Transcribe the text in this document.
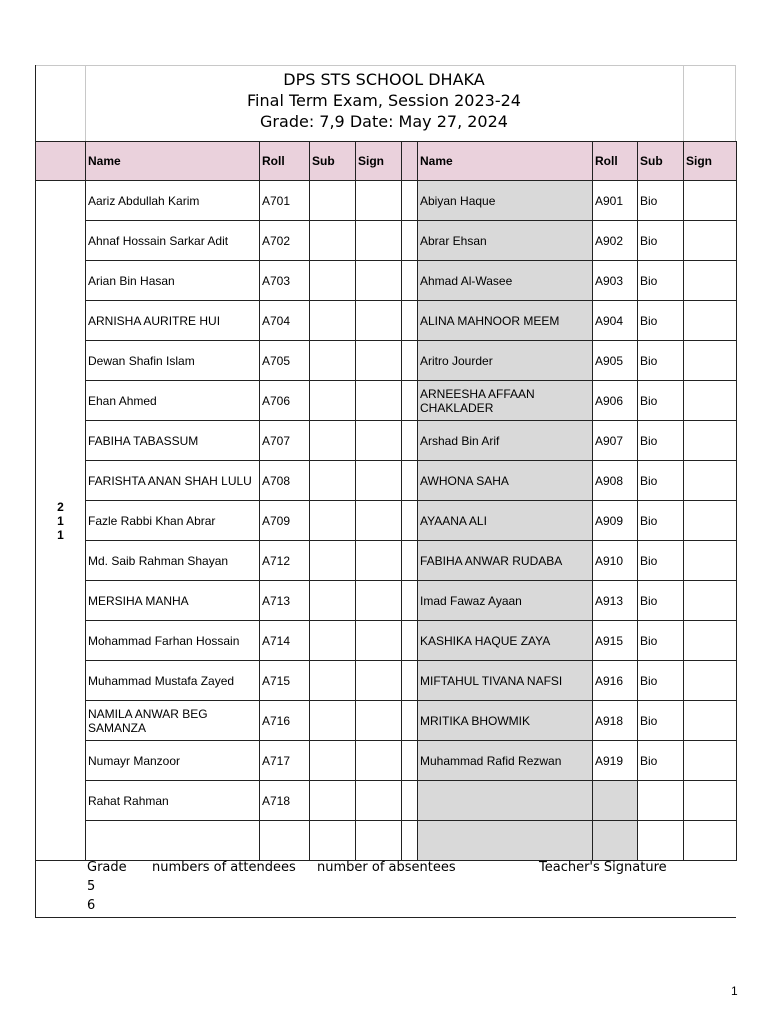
DPS STS SCHOOL DHAKA
Final Term Exam, Session 2023-24
Grade: 7,9 Date: May 27, 2024
	Name	Roll	Sub	Sign		Name	Roll	Sub	Sign

2
1
1	Aariz Abdullah Karim	A701				Abiyan Haque	A901	Bio	
	Ahnaf Hossain Sarkar Adit	A702				Abrar Ehsan	A902	Bio	
	Arian Bin Hasan	A703				Ahmad Al-Wasee	A903	Bio	
	ARNISHA AURITRE HUI	A704				ALINA MAHNOOR MEEM	A904	Bio	
	Dewan Shafin Islam	A705				Aritro Jourder	A905	Bio	
	Ehan Ahmed	A706				ARNEESHA AFFAAN CHAKLADER	A906	Bio	
	FABIHA TABASSUM	A707				Arshad Bin Arif	A907	Bio	
	FARISHTA ANAN SHAH LULU	A708				AWHONA SAHA	A908	Bio	
	Fazle Rabbi Khan Abrar	A709				AYAANA ALI	A909	Bio	
	Md. Saib Rahman Shayan	A712				FABIHA ANWAR RUDABA	A910	Bio	
	MERSIHA MANHA	A713				Imad Fawaz Ayaan	A913	Bio	
	Mohammad Farhan Hossain	A714				KASHIKA HAQUE ZAYA	A915	Bio	
	Muhammad Mustafa Zayed	A715				MIFTAHUL TIVANA NAFSI	A916	Bio	
	NAMILA ANWAR BEG SAMANZA	A716				MRITIKA BHOWMIK	A918	Bio	
	Numayr Manzoor	A717				Muhammad Rafid Rezwan	A919	Bio	
	Rahat Rahman	A718							

Grade numbers of attendees number of absentees	Teacher's Signature
5
6
1
